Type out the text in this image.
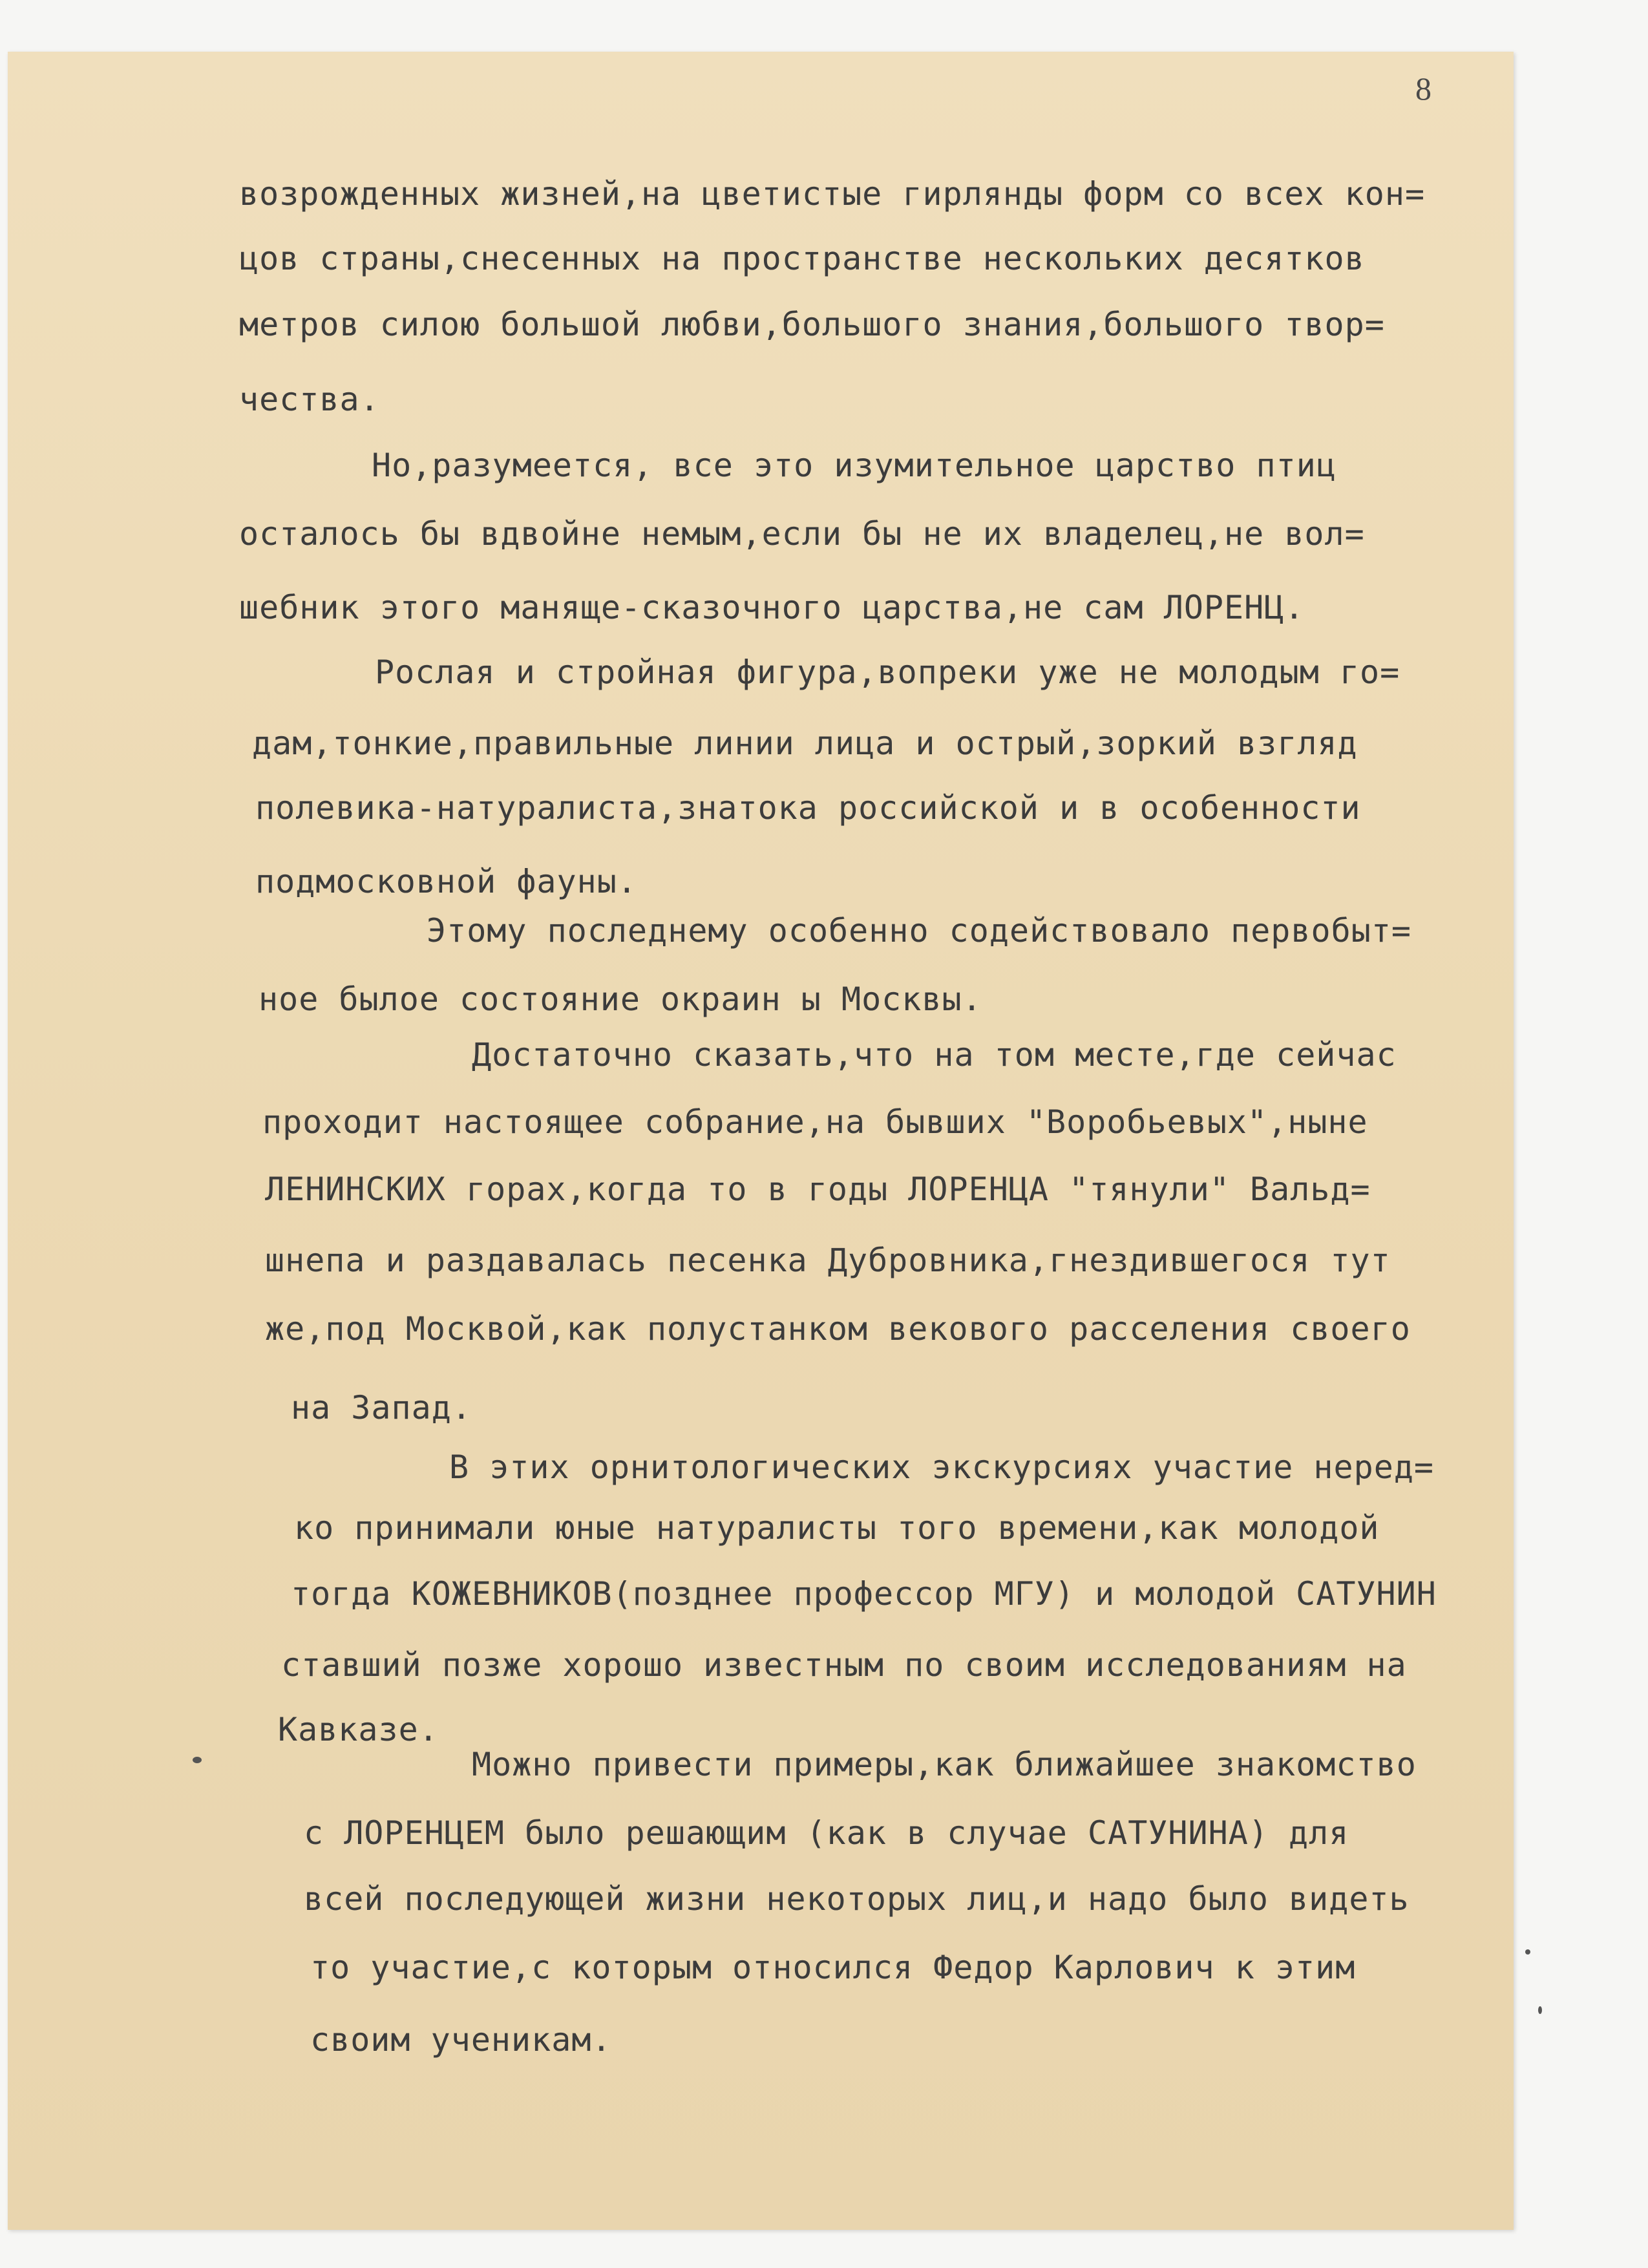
8
возрожденных жизней,на цветистые гирлянды форм со всех кон=
цов страны,снесенных на пространстве нескольких десятков
метров силою большой любви,большого знания,большого твор=
чества.
Но,разумеется, все это изумительное царство птиц
осталось бы вдвойне немым,если бы не их владелец,не вол=
шебник этого маняще-сказочного царства,не сам ЛОРЕНЦ.
Рослая и стройная фигура,вопреки уже не молодым го=
дам,тонкие,правильные линии лица и острый,зоркий взгляд
полевика-натуралиста,знатока российской и в особенности
подмосковной фауны.
Этому последнему особенно содействовало первобыт=
ное былое состояние окраин ы Москвы.
Достаточно сказать,что на том месте,где сейчас
проходит настоящее собрание,на бывших "Воробьевых",ныне
ЛЕНИНСКИХ горах,когда то в годы ЛОРЕНЦА "тянули" Вальд=
шнепа и раздавалась песенка Дубровника,гнездившегося тут
же,под Москвой,как полустанком векового расселения своего
на Запад.
В этих орнитологических экскурсиях участие неред=
ко принимали юные натуралисты того времени,как молодой
тогда КОЖЕВНИКОВ(позднее профессор МГУ) и молодой САТУНИН
ставший позже хорошо известным по своим исследованиям на
Кавказе.
Можно привести примеры,как ближайшее знакомство
с ЛОРЕНЦЕМ было решающим (как в случае САТУНИНА) для
всей последующей жизни некоторых лиц,и надо было видеть
то участие,с которым относился Федор Карлович к этим
своим ученикам.
